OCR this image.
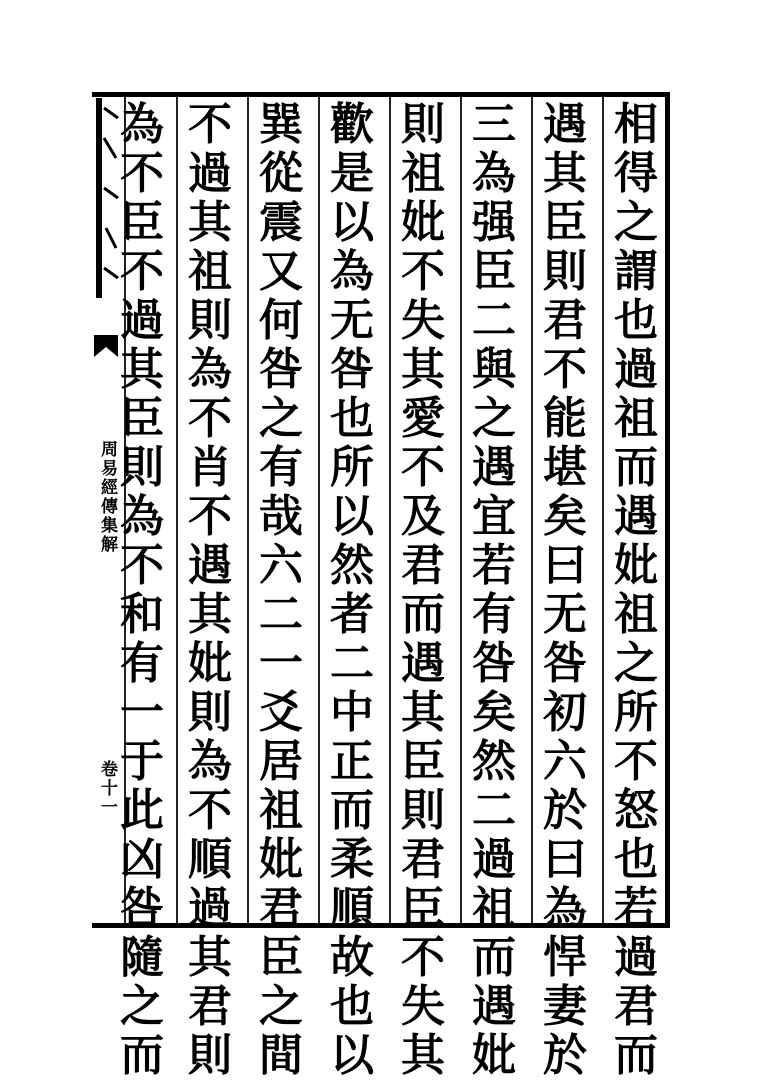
周易經傳集解
卷十一
相
得
之
謂
也
過
祖
而
遇
妣
祖
之
所
不
怒
也
若
過
君
而
遇
其
臣
則
君
不
能
堪
矣
曰
无
咎
初
六
於
曰
為
悍
妻
於
三
為
强
臣
二
與
之
遇
宜
若
有
咎
矣
然
二
過
祖
而
遇
妣
則
祖
妣
不
失
其
愛
不
及
君
而
遇
其
臣
則
君
臣
不
失
其
歡
是
以
為
无
咎
也
所
以
然
者
二
中
正
而
柔
順
故
也
以
巽
從
震
又
何
咎
之
有
哉
六
二
一
爻
居
祖
妣
君
臣
之
間
不
過
其
祖
則
為
不
肖
不
遇
其
妣
則
為
不
順
過
其
君
則
為
不
臣
不
過
其
臣
則
為
不
和
有
一
于
此
凶
咎
隨
之
而
